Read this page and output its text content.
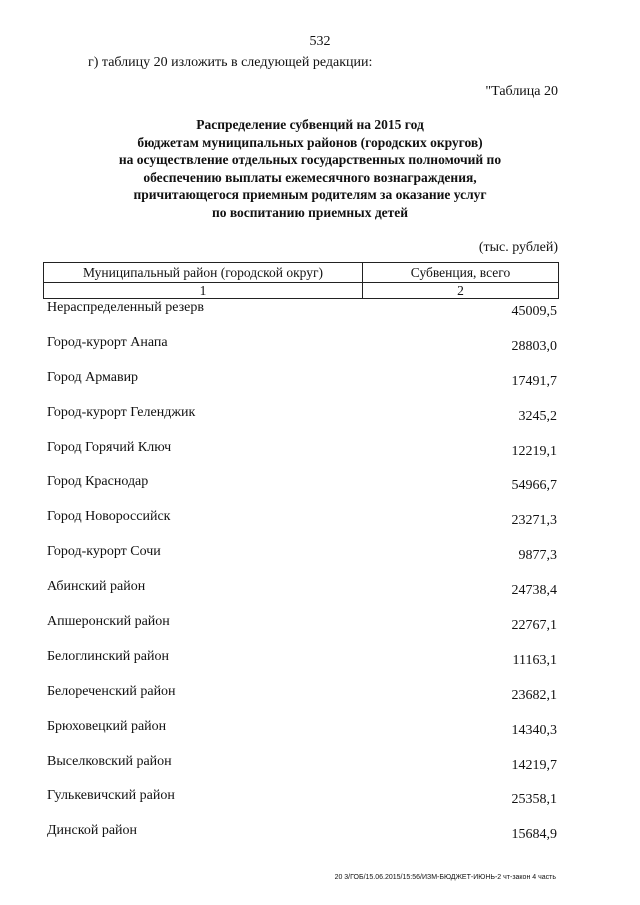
532
г) таблицу 20 изложить в следующей редакции:
"Таблица 20
Распределение субвенций на 2015 год
бюджетам муниципальных районов (городских округов)
на осуществление отдельных государственных полномочий по
обеспечению выплаты ежемесячного вознаграждения,
причитающегося приемным родителям за оказание услуг
по воспитанию приемных детей
(тыс. рублей)
Муниципальный район (городской округ)	Субвенция, всего
1	2
Нераспределенный резерв	45009,5
Город-курорт Анапа	28803,0
Город Армавир	17491,7
Город-курорт Геленджик	3245,2
Город Горячий Ключ	12219,1
Город Краснодар	54966,7
Город Новороссийск	23271,3
Город-курорт Сочи	9877,3
Абинский район	24738,4
Апшеронский район	22767,1
Белоглинский район	11163,1
Белореченский район	23682,1
Брюховецкий район	14340,3
Выселковский район	14219,7
Гулькевичский район	25358,1
Динской район	15684,9
20 3/ГОБ/15.06.2015/15:56/ИЗМ-БЮДЖЕТ-ИЮНЬ-2 чт-закон 4 часть
